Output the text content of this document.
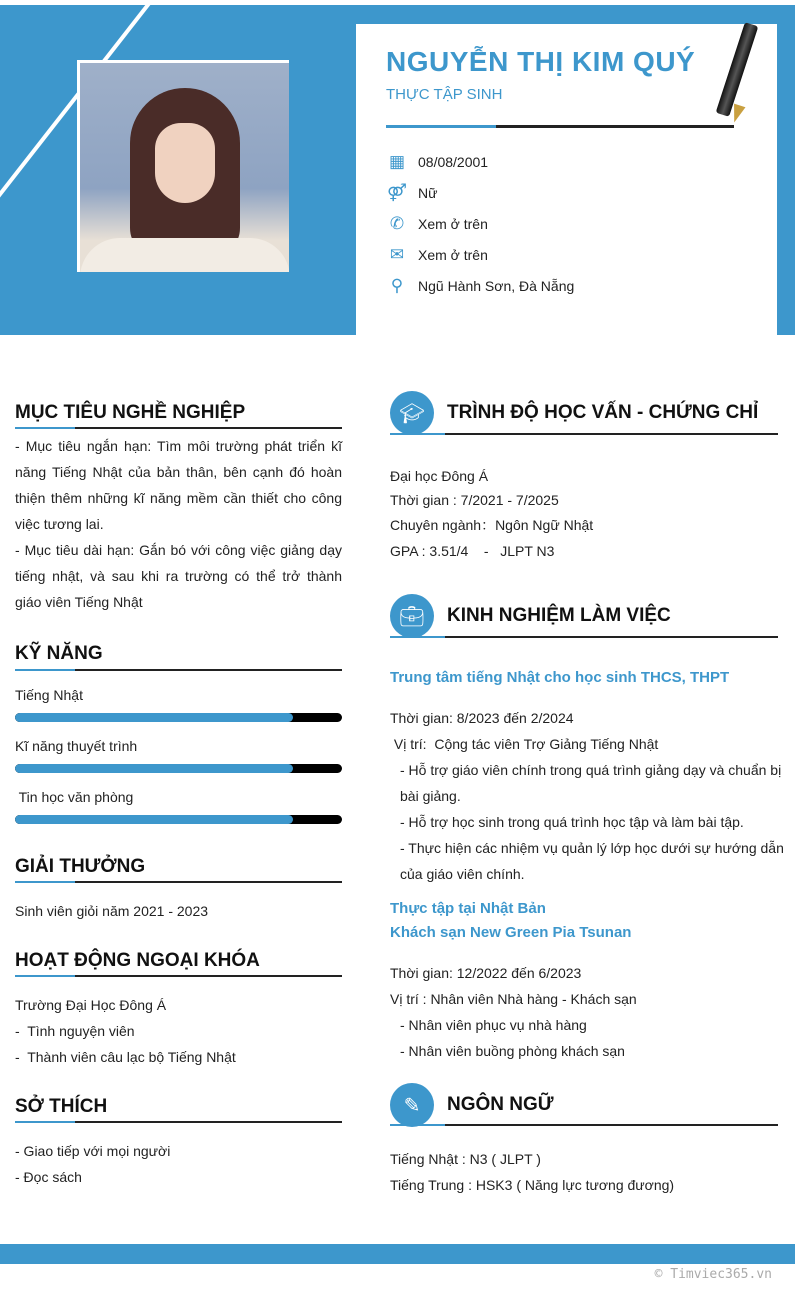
NGUYỄN THỊ KIM QUÝ
THỰC TẬP SINH
▦ 08/08/2001
⚤ Nữ
✆ Xem ở trên
✉ Xem ở trên
⚲	Ngũ Hành Sơn, Đà Nẵng
MỤC TIÊU NGHỀ NGHIỆP
- Mục tiêu ngắn hạn: Tìm môi trường phát triển kĩ năng Tiếng Nhật của bản thân, bên cạnh đó hoàn thiện thêm những kĩ năng mềm cần thiết cho công việc tương lai.
- Mục tiêu dài hạn: Gắn bó với công việc giảng dạy tiếng nhật, và sau khi ra trường có thể trở thành giáo viên Tiếng Nhật
KỸ NĂNG
Tiếng Nhật
Kĩ năng thuyết trình
Tin học văn phòng
GIẢI THƯỞNG
Sinh viên giỏi năm 2021 - 2023
HOẠT ĐỘNG NGOẠI KHÓA
Trường Đại Học Đông Á
-  Tình nguyện viên
-  Thành viên câu lạc bộ Tiếng Nhật
SỞ THÍCH
- Giao tiếp với mọi người
- Đọc sách
🎓︎	TRÌNH ĐỘ HỌC VẤN - CHỨNG CHỈ
Đại học Đông Á
Thời gian : 7/2021 - 7/2025
Chuyên ngành：Ngôn Ngữ Nhật
GPA : 3.51/4    -   JLPT N3
💼︎	KINH NGHIỆM LÀM VIỆC
Trung tâm tiếng Nhật cho học sinh THCS, THPT
Thời gian: 8/2023 đến 2/2024
Vị trí:  Cộng tác viên Trợ Giảng Tiếng Nhật
- Hỗ trợ giáo viên chính trong quá trình giảng dạy và chuẩn bị bài giảng.
- Hỗ trợ học sinh trong quá trình học tập và làm bài tập.
- Thực hiện các nhiệm vụ quản lý lớp học dưới sự hướng dẫn của giáo viên chính.
Thực tập tại Nhật Bản
Khách sạn New Green Pia Tsunan
Thời gian: 12/2022 đến 6/2023
Vị trí : Nhân viên Nhà hàng - Khách sạn
- Nhân viên phục vụ nhà hàng
- Nhân viên buồng phòng khách sạn
✎	NGÔN NGỮ
Tiếng Nhật : N3 ( JLPT )
Tiếng Trung : HSK3 ( Năng lực tương đương)
© Timviec365.vn
